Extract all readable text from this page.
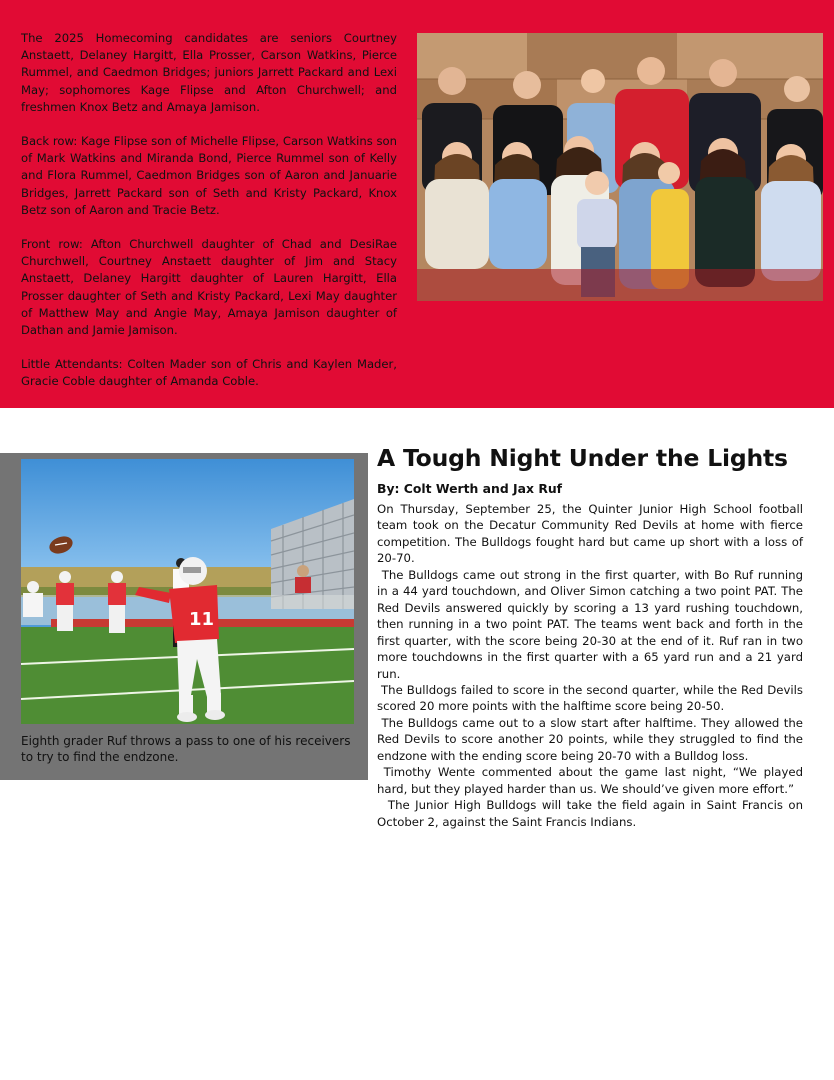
The 2025 Homecoming candidates are seniors Courtney Anstaett, Delaney Hargitt, Ella Prosser, Carson Watkins, Pierce Rummel, and Caedmon Bridges; juniors Jarrett Packard and Lexi May; sophomores Kage Flipse and Afton Churchwell; and freshmen Knox Betz and Amaya Jamison.

Back row: Kage Flipse son of Michelle Flipse, Carson Watkins son of Mark Watkins and Miranda Bond, Pierce Rummel son of Kelly and Flora Rummel, Caedmon Bridges son of Aaron and Januarie Bridges, Jarrett Packard son of Seth and Kristy Packard, Knox Betz son of Aaron and Tracie Betz.

Front row: Afton Churchwell daughter of Chad and DesiRae Churchwell, Courtney Anstaett daughter of Jim and Stacy Anstaett, Delaney Hargitt daughter of Lauren Hargitt, Ella Prosser daughter of Seth and Kristy Packard, Lexi May daughter of Matthew May and Angie May, Amaya Jamison daughter of Dathan and Jamie Jamison.

Little Attendants: Colten Mader son of Chris and Kaylen Mader, Gracie Coble daughter of Amanda Coble.

11
Eighth grader Ruf throws a pass to one of his receivers to try to find the endzone.
A Tough Night Under the Lights
By: Colt Werth and Jax Ruf

On Thursday, September 25, the Quinter Junior High School football team took on the Decatur Community Red Devils at home with fierce competition. The Bulldogs fought hard but came up short with a loss of 20-70.

The Bulldogs came out strong in the first quarter, with Bo Ruf running in a 44 yard touchdown, and Oliver Simon catching a two point PAT. The Red Devils answered quickly by scoring a 13 yard rushing touchdown, then running in a two point PAT. The teams went back and forth in the first quarter, with the score being 20-30 at the end of it. Ruf ran in two more touchdowns in the first quarter with a 65 yard run and a 21 yard run.

The Bulldogs failed to score in the second quarter, while the Red Devils scored 20 more points with the halftime score being 20-50.

The Bulldogs came out to a slow start after halftime. They allowed the Red Devils to score another 20 points, while they struggled to find the endzone with the ending score being 20-70 with a Bulldog loss.

Timothy Wente commented about the game last night, “We played hard, but they played harder than us. We should’ve given more effort.”

The Junior High Bulldogs will take the field again in Saint Francis on October 2, against the Saint Francis Indians.
